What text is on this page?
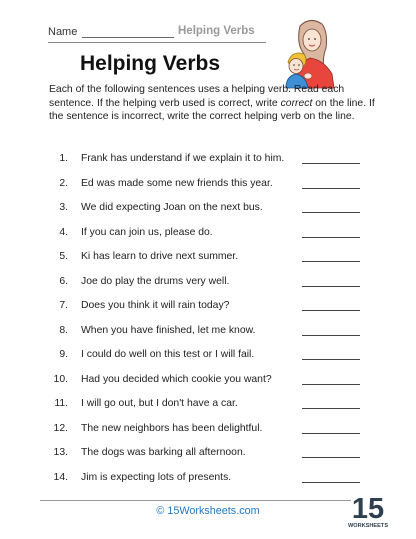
Name	Helping Verbs
Helping Verbs
Each of the following sentences uses a helping verb. Read each sentence. If the helping verb used is correct, write correct on the line. If the sentence is incorrect, write the correct helping verb on the line.
1. Frank has understand if we explain it to him.
2. Ed was made some new friends this year.
3. We did expecting Joan on the next bus.
4. If you can join us, please do.
5. Ki has learn to drive next summer.
6. Joe do play the drums very well.
7. Does you think it will rain today?
8. When you have finished, let me know.
9. I could do well on this test or I will fail.
10. Had you decided which cookie you want?
11. I will go out, but I don't have a car.
12. The new neighbors has been delightful.
13. The dogs was barking all afternoon.
14. Jim is expecting lots of presents.
© 15Worksheets.com	15
WORKSHEETS
